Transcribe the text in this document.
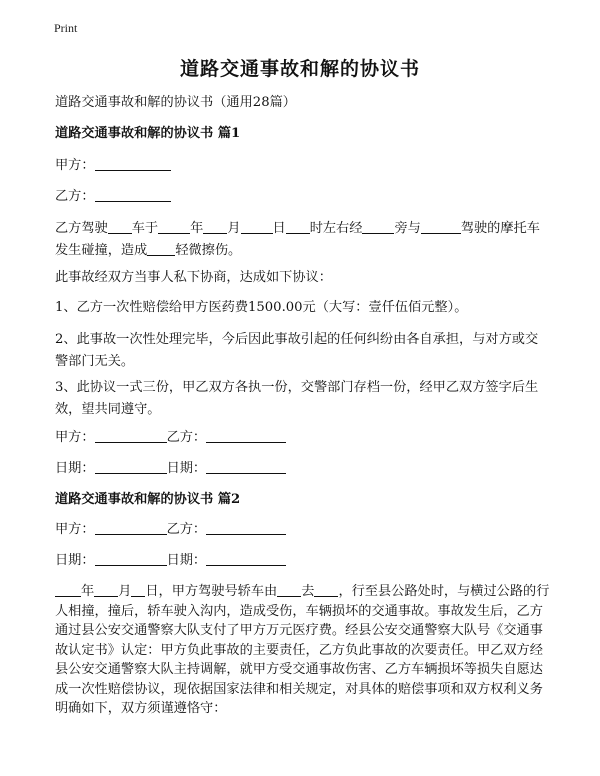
Print
道路交通事故和解的协议书
道路交通事故和解的协议书（通用28篇）
道路交通事故和解的协议书 篇1
甲方：
乙方：
乙方驾驶 车于 年 月 日 时左右经 旁与	驾驶的摩托车发生碰撞，造成 轻微擦伤。
此事故经双方当事人私下协商，达成如下协议：
1、乙方一次性赔偿给甲方医药费1500.00元（大写：壹仟伍佰元整）。
2、此事故一次性处理完毕，今后因此事故引起的任何纠纷由各自承担，与对方或交警部门无关。
3、此协议一式三份，甲乙双方各执一份，交警部门存档一份，经甲乙双方签字后生效，望共同遵守。
甲方：	乙方：
日期：	日期：
道路交通事故和解的协议书 篇2
甲方：	乙方：
日期：	日期：
年 月 日，甲方驾驶号轿车由 去 ，行至县公路处时，与横过公路的行人相撞，撞后，轿车驶入沟内，造成受伤，车辆损坏的交通事故。事故发生后，乙方通过县公安交通警察大队支付了甲方万元医疗费。经县公安交通警察大队号《交通事故认定书》认定：甲方负此事故的主要责任，乙方负此事故的次要责任。甲乙双方经县公安交通警察大队主持调解，就甲方受交通事故伤害、乙方车辆损坏等损失自愿达成一次性赔偿协议，现依据国家法律和相关规定，对具体的赔偿事项和双方权利义务明确如下，双方须谨遵恪守：
